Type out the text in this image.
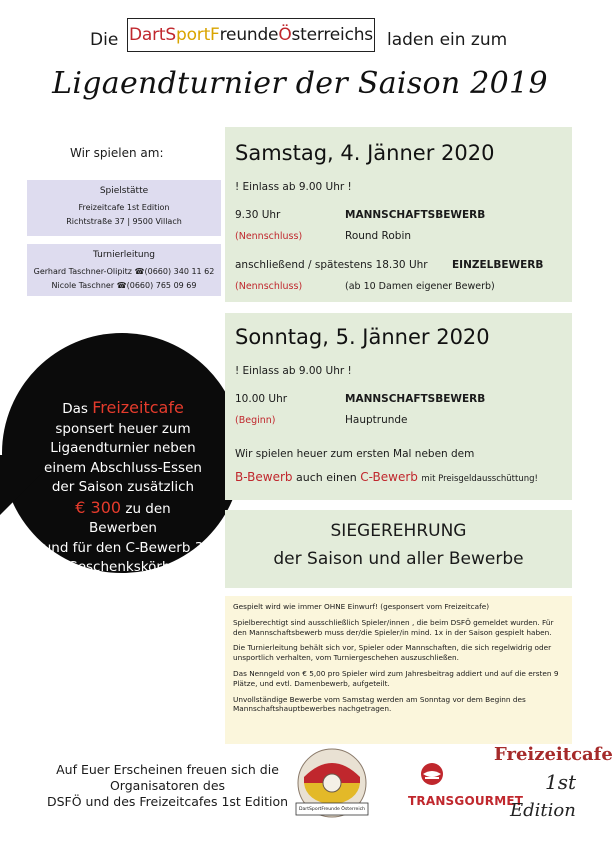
Die Dart S port F reunde Ö sterreichs laden ein zum
Ligaendturnier der Saison 2019
Wir spielen am:
Spielstätte
Freizeitcafe 1st Edition
Richtstraße 37 | 9500 Villach
Turnierleitung
Gerhard Taschner-Olipitz ☎(0660) 340 11 62
Nicole Taschner ☎(0660) 765 09 69
Das Freizeitcafe
sponsert heuer zum
Ligaendturnier neben
einem Abschluss-Essen
der Saison zusätzlich
€ 300 zu den
Bewerben
und für den C-Bewerb 3
Geschenkskörbe
Samstag, 4. Jänner 2020
! Einlass ab 9.00 Uhr !
9.30 Uhr	MANNSCHAFTSBEWERB
(Nennschluss)	Round Robin
anschließend / spätestens 18.30 Uhr EINZELBEWERB
(Nennschluss)	(ab 10 Damen eigener Bewerb)
Sonntag, 5. Jänner 2020
! Einlass ab 9.00 Uhr !
10.00 Uhr	MANNSCHAFTSBEWERB
(Beginn)	Hauptrunde
Wir spielen heuer zum ersten Mal neben dem
B-Bewerb auch einen C-Bewerb mit Preisgeldausschüttung!
SIEGEREHRUNG
der Saison und aller Bewerbe

Gespielt wird wie immer OHNE Einwurf! (gesponsert vom Freizeitcafe)

Spielberechtigt sind ausschließlich Spieler/innen , die beim DSFÖ gemeldet wurden. Für den Mannschaftsbewerb muss der/die Spieler/in mind. 1x in der Saison gespielt haben.

Die Turnierleitung behält sich vor, Spieler oder Mannschaften, die sich regelwidrig oder unsportlich verhalten, vom Turniergeschehen auszuschließen.

Das Nenngeld von € 5,00 pro Spieler wird zum Jahresbeitrag addiert und auf die ersten 9 Plätze, und evtl. Damenbewerb, aufgeteilt.

Unvollständige Bewerbe vom Samstag werden am Sonntag vor dem Beginn des Mannschaftshauptbewerbes nachgetragen.

Auf Euer Erscheinen freuen sich die
Organisatoren des
DSFÖ und des Freizeitcafes 1st Edition
DartSportFreunde Österreich
TRANSGOURMET
Freizeitcafe
1st
Edition
